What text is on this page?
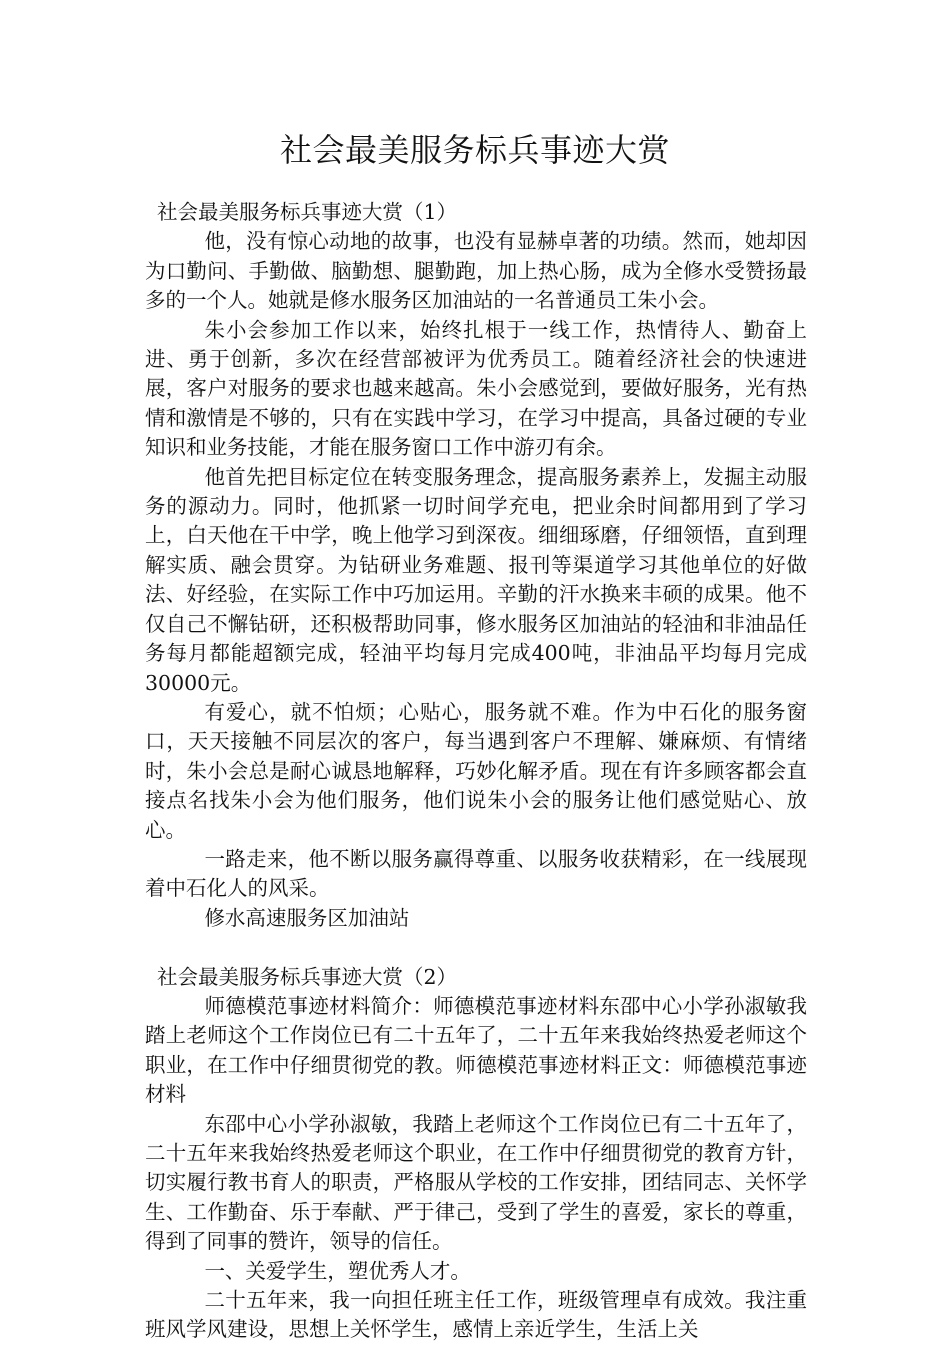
社会最美服务标兵事迹大赏

社会最美服务标兵事迹大赏（1）

他，没有惊心动地的故事，也没有显赫卓著的功绩。然而，她却因为口勤问、手勤做、脑勤想、腿勤跑，加上热心肠，成为全修水受赞扬最多的一个人。她就是修水服务区加油站的一名普通员工朱小会。

朱小会参加工作以来，始终扎根于一线工作，热情待人、勤奋上进、勇于创新，多次在经营部被评为优秀员工。随着经济社会的快速进展，客户对服务的要求也越来越高。朱小会感觉到，要做好服务，光有热情和激情是不够的，只有在实践中学习，在学习中提高，具备过硬的专业知识和业务技能，才能在服务窗口工作中游刃有余。

他首先把目标定位在转变服务理念，提高服务素养上，发掘主动服务的源动力。同时，他抓紧一切时间学充电，把业余时间都用到了学习上，白天他在干中学，晚上他学习到深夜。细细琢磨，仔细领悟，直到理解实质、融会贯穿。为钻研业务难题、报刊等渠道学习其他单位的好做法、好经验，在实际工作中巧加运用。辛勤的汗水换来丰硕的成果。他不仅自己不懈钻研，还积极帮助同事，修水服务区加油站的轻油和非油品任务每月都能超额完成，轻油平均每月完成400吨，非油品平均每月完成30000元。

有爱心，就不怕烦；心贴心，服务就不难。作为中石化的服务窗口，天天接触不同层次的客户，每当遇到客户不理解、嫌麻烦、有情绪时，朱小会总是耐心诚恳地解释，巧妙化解矛盾。现在有许多顾客都会直接点名找朱小会为他们服务，他们说朱小会的服务让他们感觉贴心、放心。

一路走来，他不断以服务赢得尊重、以服务收获精彩，在一线展现着中石化人的风采。

修水高速服务区加油站

社会最美服务标兵事迹大赏（2）

师德模范事迹材料简介：师德模范事迹材料东邵中心小学孙淑敏我踏上老师这个工作岗位已有二十五年了，二十五年来我始终热爱老师这个职业，在工作中仔细贯彻党的教。师德模范事迹材料正文：师德模范事迹材料

东邵中心小学孙淑敏，我踏上老师这个工作岗位已有二十五年了，二十五年来我始终热爱老师这个职业，在工作中仔细贯彻党的教育方针，切实履行教书育人的职责，严格服从学校的工作安排，团结同志、关怀学生、工作勤奋、乐于奉献、严于律己，受到了学生的喜爱，家长的尊重，得到了同事的赞许，领导的信任。

一、关爱学生，塑优秀人才。

二十五年来，我一向担任班主任工作，班级管理卓有成效。我注重班风学风建设，思想上关怀学生，感情上亲近学生，生活上关
